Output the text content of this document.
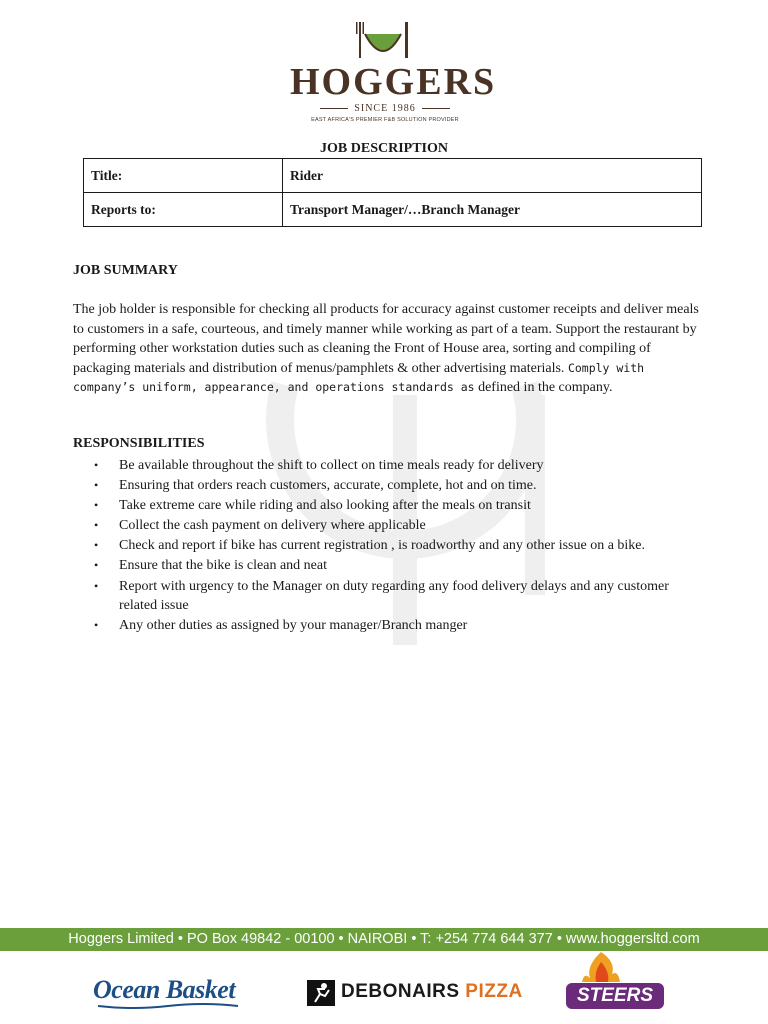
HOGGERS
SINCE 1986
EAST AFRICA'S PREMIER F&B SOLUTION PROVIDER
JOB DESCRIPTION
Title:	Rider
Reports to:	Transport Manager/…Branch Manager
JOB SUMMARY
The job holder is responsible for checking all products for accuracy against customer receipts and deliver meals to customers in a safe, courteous, and timely manner while working as part of a team. Support the restaurant by performing other workstation duties such as cleaning the Front of House area, sorting and compiling of packaging materials and distribution of menus/pamphlets & other advertising materials. Comply with company’s uniform, appearance, and operations standards as defined in the company.
RESPONSIBILITIES
• Be available throughout the shift to collect on time meals ready for delivery
• Ensuring that orders reach customers, accurate, complete, hot and on time.
• Take extreme care while riding and also looking after the meals on transit
• Collect the cash payment on delivery where applicable
• Check and report if bike has current registration , is roadworthy and any other issue on a bike.
• Ensure that the bike is clean and neat
• Report with urgency to the Manager on duty regarding any food delivery delays and any customer related issue
• Any other duties as assigned by your manager/Branch manger
Hoggers Limited • PO Box 49842 - 00100 • NAIROBI • T: +254 774 644 377 • www.hoggersltd.com
Ocean Basket	DEBONAIRS PIZZA	STEERS
